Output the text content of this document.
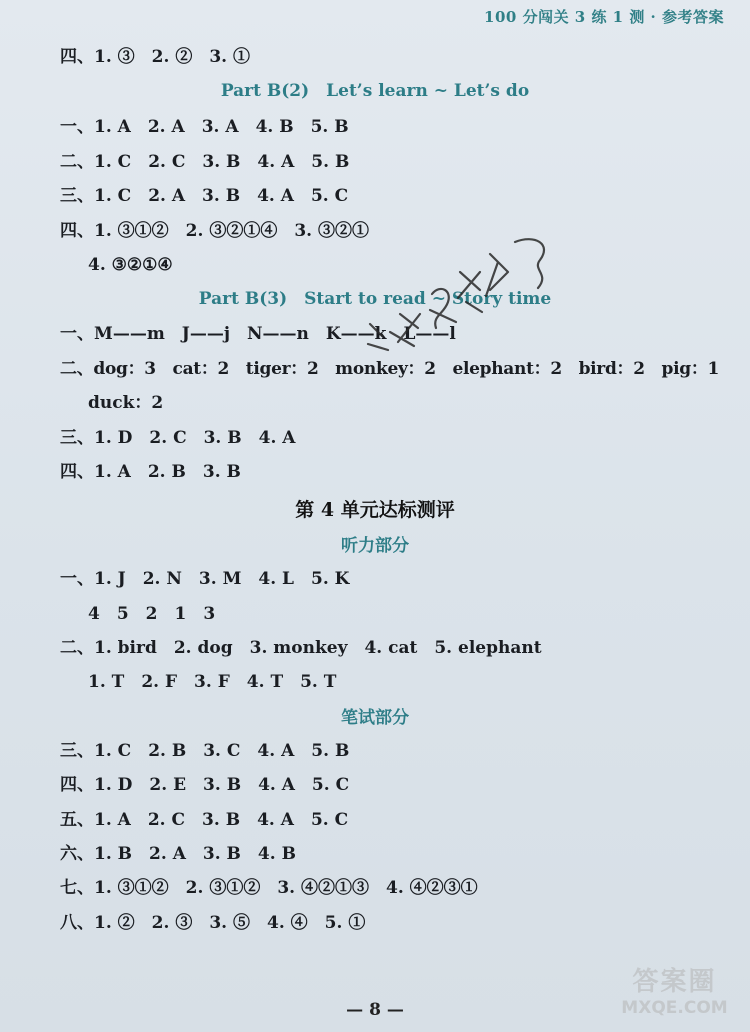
100 分闯关 3 练 1 测 · 参考答案
四、1. ③　2. ②　3. ①
Part B(2)　Let’s learn ~ Let’s do
一、1. A　2. A　3. A　4. B　5. B
二、1. C　2. C　3. B　4. A　5. B
三、1. C　2. A　3. B　4. A　5. C
四、1. ③①②　2. ③②①④　3. ③②①
4. ③②①④
Part B(3)　Start to read ~ Story time
一、M——m　J——j　N——n　K——k　L——l
二、dog：3　cat：2　tiger：2　monkey：2　elephant：2　bird：2　pig：1
duck：2
三、1. D　2. C　3. B　4. A
四、1. A　2. B　3. B
第 4 单元达标测评
听力部分
一、1. J　2. N　3. M　4. L　5. K
4　5　2　1　3
二、1. bird　2. dog　3. monkey　4. cat　5. elephant
1. T　2. F　3. F　4. T　5. T
笔试部分
三、1. C　2. B　3. C　4. A　5. B
四、1. D　2. E　3. B　4. A　5. C
五、1. A　2. C　3. B　4. A　5. C
六、1. B　2. A　3. B　4. B
七、1. ③①②　2. ③①②　3. ④②①③　4. ④②③①
八、1. ②　2. ③　3. ⑤　4. ④　5. ①
— 8 —
答案圈
MXQE.COM
